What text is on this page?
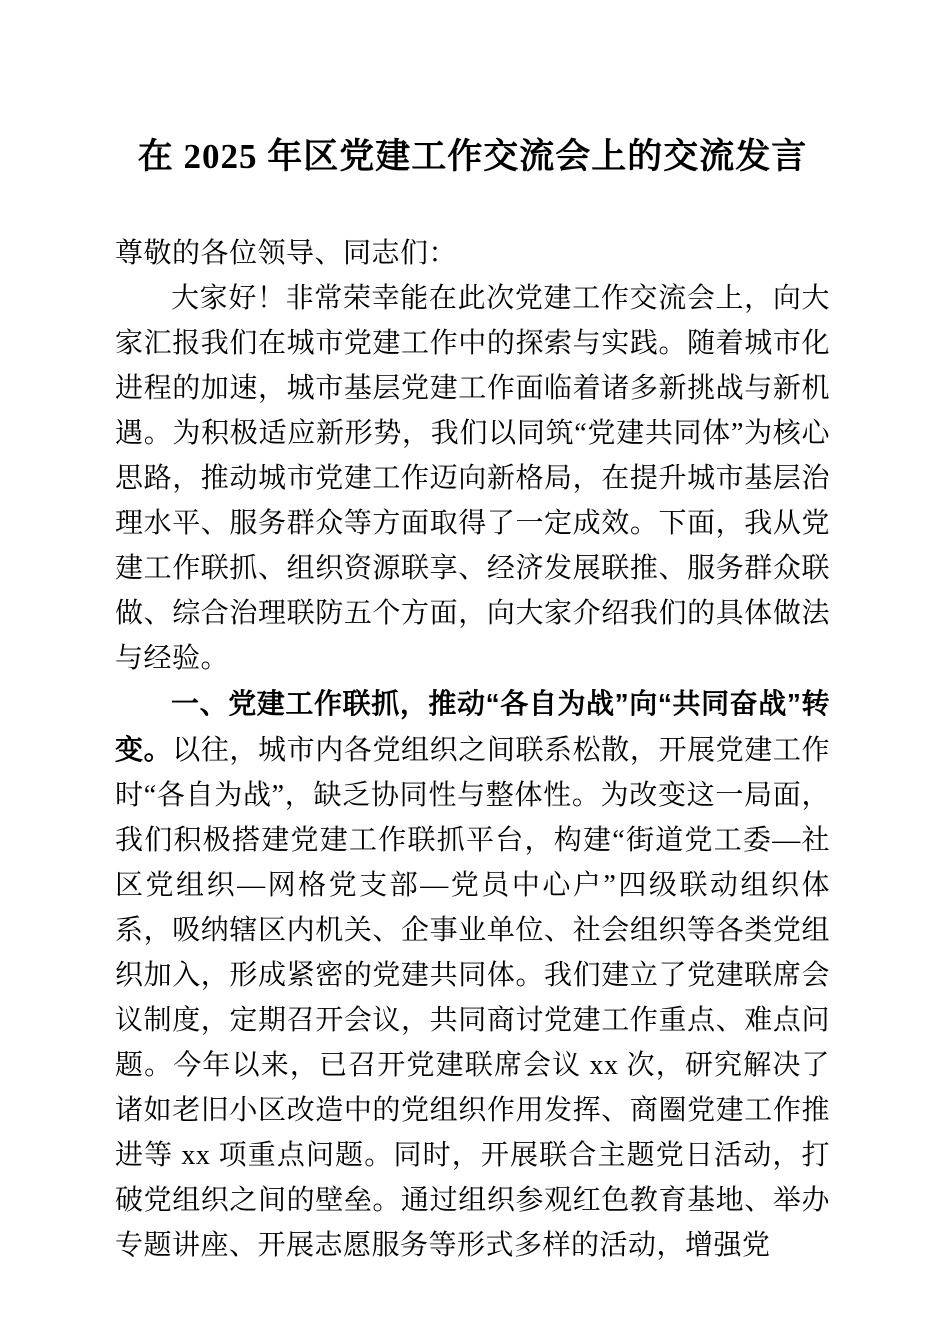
在 2025 年区党建工作交流会上的交流发言

尊敬的各位领导、同志们：

大家好！非常荣幸能在此次党建工作交流会上，向大家汇报我们在城市党建工作中的探索与实践。随着城市化进程的加速，城市基层党建工作面临着诸多新挑战与新机遇。为积极适应新形势，我们以同筑“党建共同体”为核心思路，推动城市党建工作迈向新格局，在提升城市基层治理水平、服务群众等方面取得了一定成效。下面，我从党建工作联抓、组织资源联享、经济发展联推、服务群众联做、综合治理联防五个方面，向大家介绍我们的具体做法与经验。

一、党建工作联抓，推动“各自为战”向“共同奋战”转变。以往，城市内各党组织之间联系松散，开展党建工作时“各自为战”，缺乏协同性与整体性。为改变这一局面，我们积极搭建党建工作联抓平台，构建“街道党工委—社区党组织—网格党支部—党员中心户”四级联动组织体系，吸纳辖区内机关、企事业单位、社会组织等各类党组织加入，形成紧密的党建共同体。我们建立了党建联席会议制度，定期召开会议，共同商讨党建工作重点、难点问题。今年以来，已召开党建联席会议 xx 次，研究解决了诸如老旧小区改造中的党组织作用发挥、商圈党建工作推进等 xx 项重点问题。同时，开展联合主题党日活动，打破党组织之间的壁垒。通过组织参观红色教育基地、举办专题讲座、开展志愿服务等形式多样的活动，增强党
